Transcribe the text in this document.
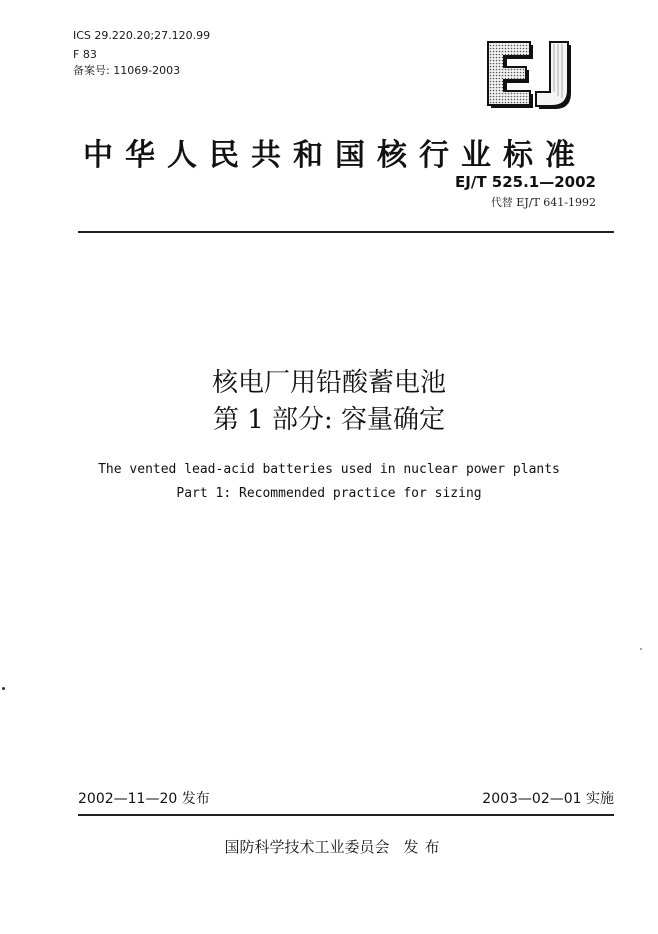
ICS 29.220.20;27.120.99
F 83
备案号: 11069-2003
中华人民共和国核行业标准
EJ/T 525.1—2002
代替 EJ/T 641-1992
核电厂用铅酸蓄电池
第 1 部分: 容量确定
The vented lead-acid batteries used in nuclear power plants
Part 1: Recommended practice for sizing
2002—11—20 发布	2003—02—01 实施
国防科学技术工业委员会 发布
